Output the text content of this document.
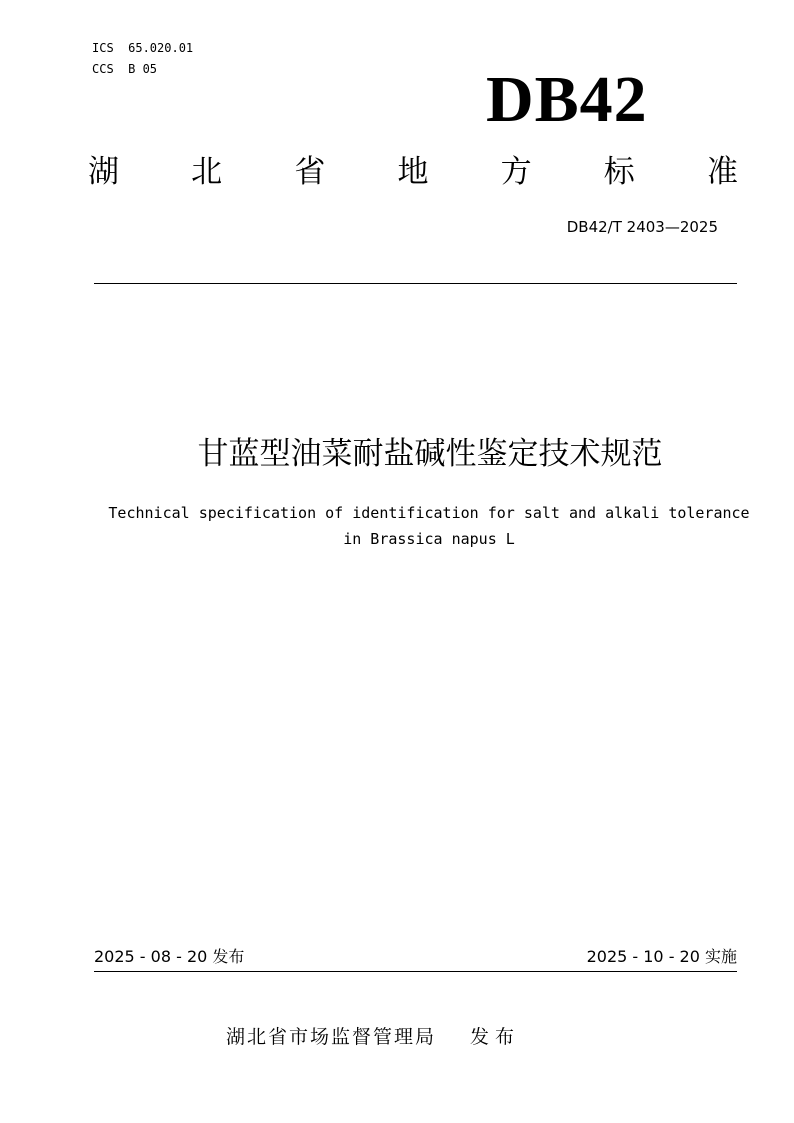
ICS  65.020.01
CCS  B 05	DB42
湖 北 省 地 方 标 准
DB42/T 2403—2025
甘蓝型油菜耐盐碱性鉴定技术规范
Technical specification of identification for salt and alkali tolerance
in Brassica napus L
2025 - 08 - 20 发布	2025 - 10 - 20 实施
湖北省市场监督管理局 发布
